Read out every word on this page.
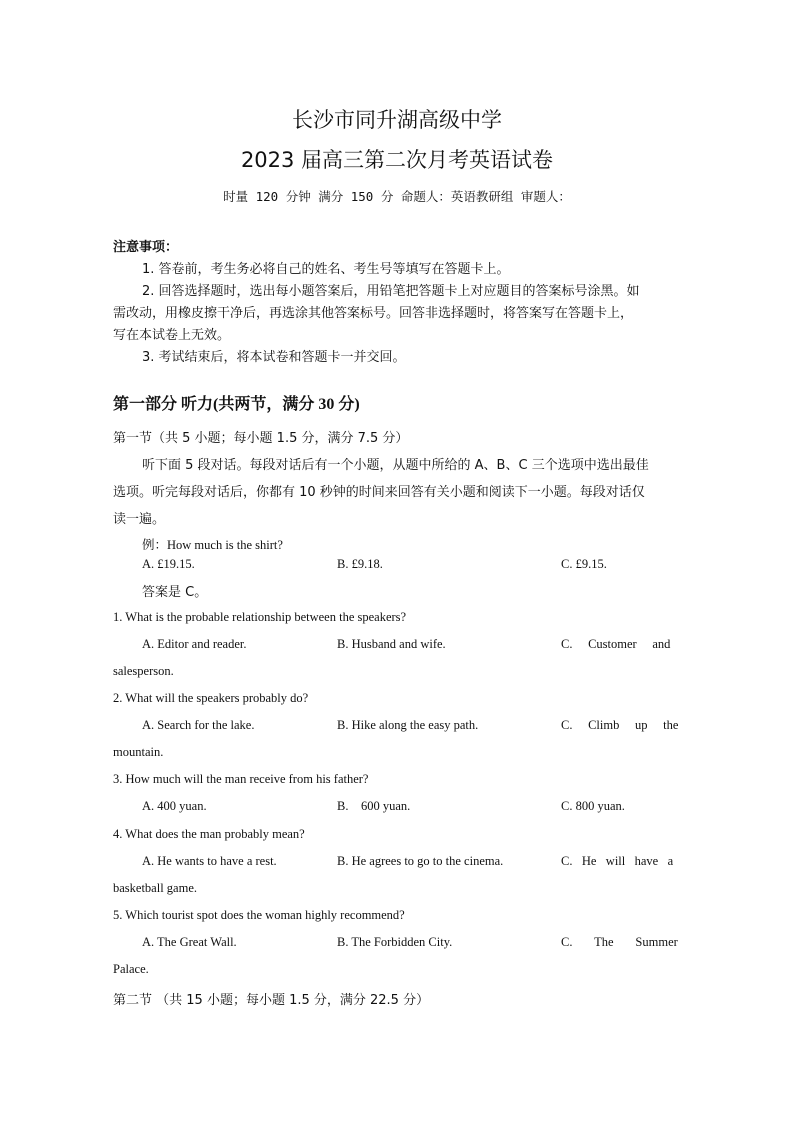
长沙市同升湖高级中学
2023 届高三第二次月考英语试卷
时量 120 分钟 满分 150 分 命题人：英语教研组 审题人：
注意事项：
1. 答卷前，考生务必将自己的姓名、考生号等填写在答题卡上。
2. 回答选择题时，选出每小题答案后，用铅笔把答题卡上对应题目的答案标号涂黑。如
需改动，用橡皮擦干净后，再选涂其他答案标号。回答非选择题时，将答案写在答题卡上，
写在本试卷上无效。
3. 考试结束后，将本试卷和答题卡一并交回。
第一部分 听力(共两节，满分 30 分)
第一节（共 5 小题；每小题 1.5 分，满分 7.5 分）
听下面 5 段对话。每段对话后有一个小题，从题中所给的 A、B、C 三个选项中选出最佳
选项。听完每段对话后，你都有 10 秒钟的时间来回答有关小题和阅读下一小题。每段对话仅
读一遍。
例：How much is the shirt?
A. £19.15.	B. £9.18.	C. £9.15.
答案是 C。
1. What is the probable relationship between the speakers?
A. Editor and reader.	B. Husband and wife.	C.     Customer     and
salesperson.
2. What will the speakers probably do?
A. Search for the lake.	B. Hike along the easy path.	C.     Climb     up     the
mountain.
3. How much will the man receive from his father?
A. 400 yuan.	B.    600 yuan.	C. 800 yuan.
4. What does the man probably mean?
A. He wants to have a rest.	B. He agrees to go to the cinema.	C.   He   will   have   a
basketball game.
5. Which tourist spot does the woman highly recommend?
A. The Great Wall.	B. The Forbidden City.	C.       The       Summer
Palace.
第二节 （共 15 小题；每小题 1.5 分，满分 22.5 分）
